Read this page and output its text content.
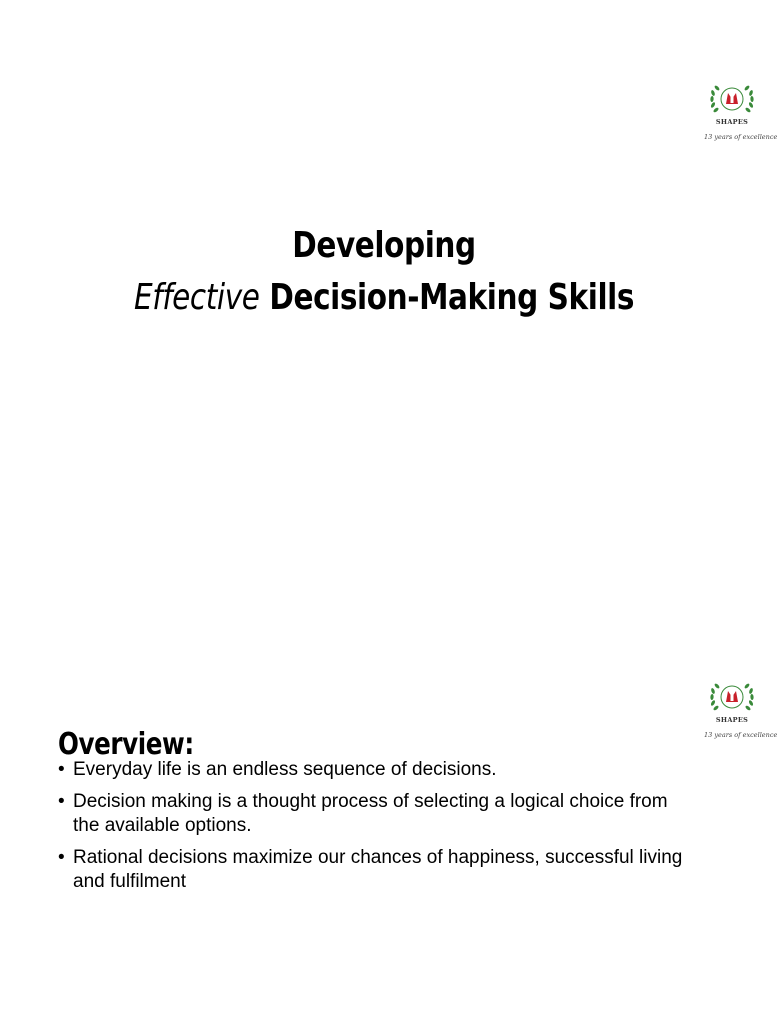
SHAPES
13 years of excellence
Developing
Effective Decision-Making Skills
SHAPES
13 years of excellence
Overview:
• Everyday life is an endless sequence of decisions.
• Decision making is a thought process of selecting a logical choice from the available options.
• Rational decisions maximize our chances of happiness, successful living and fulfilment
